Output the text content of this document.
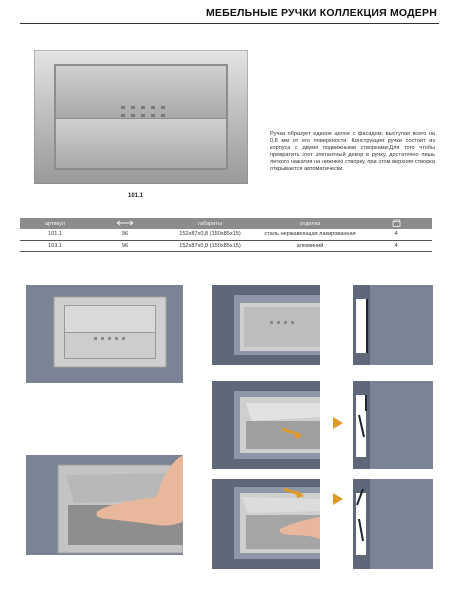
МЕБЕЛЬНЫЕ РУЧКИ КОЛЛЕКЦИЯ МОДЕРН
101.1
Ручка образует единое целое с фасадом, выступая всего на 0,8 мм от его поверхности. Конструкция ручки состоит из корпуса с двумя подвижными створками.Для того чтобы превратить этот элегантный декор в ручку, достаточно лишь легкого нажатия на нижнюю створку, при этом верхняя створка открывается автоматически.
артикул		габариты	отделка	
101.1	96	152x87x0,8 (150x85x15)	сталь нержавеющая лакированная	4
103.1	96	152x87x0,8 (150x85x15)	алюминий	4
